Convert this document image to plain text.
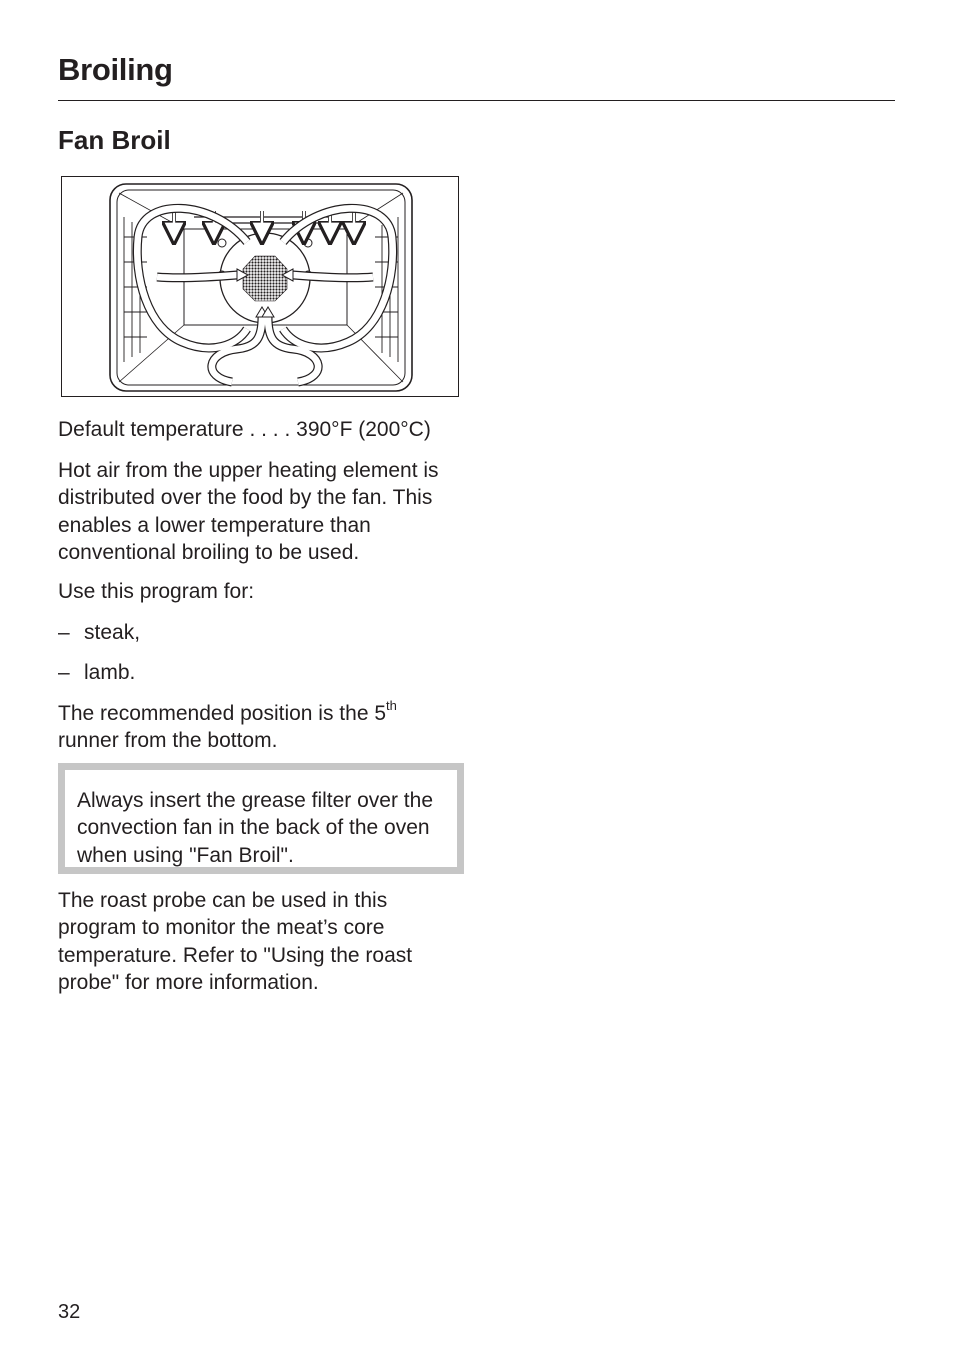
Broiling
Fan Broil

Default temperature . . . . 390°F (200°C)

Hot air from the upper heating element is distributed over the food by the fan. This enables a lower temperature than conventional broiling to be used.

Use this program for:

– steak,
– lamb.

The recommended position is the 5th
runner from the bottom.

Always insert the grease filter over the convection fan in the back of the oven when using "Fan Broil".

The roast probe can be used in this program to monitor the meat’s core temperature. Refer to "Using the roast probe" for more information.

32
